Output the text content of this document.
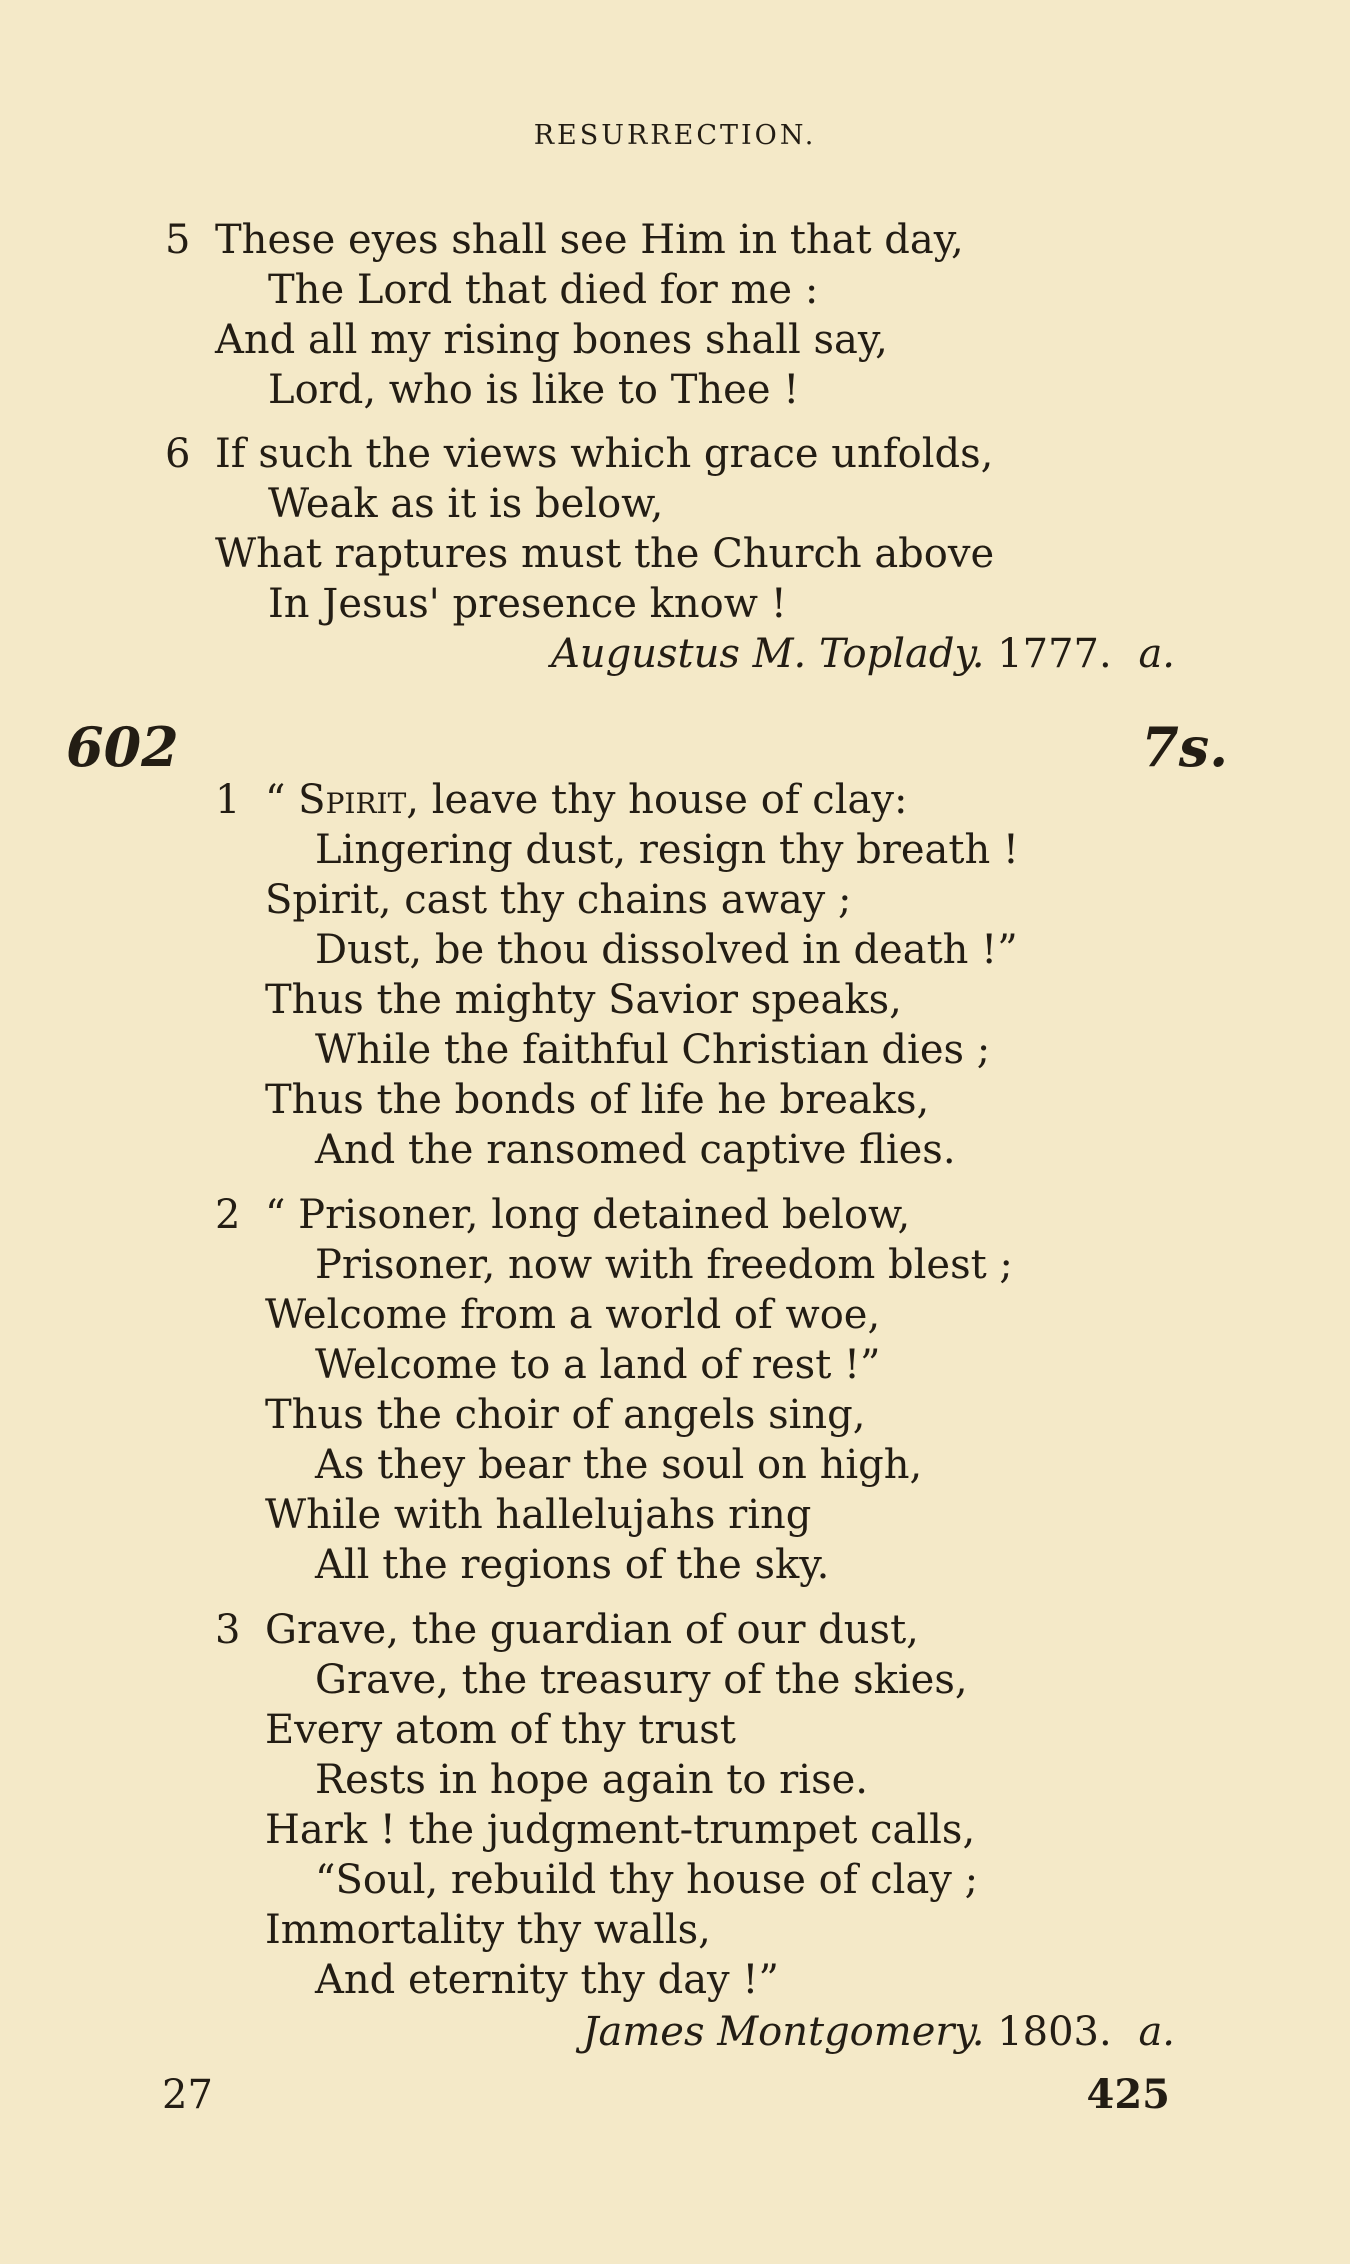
RESURRECTION.
5 These eyes shall see Him in that day,
The Lord that died for me :
And all my rising bones shall say,
Lord, who is like to Thee !
6 If such the views which grace unfolds,
Weak as it is below,
What raptures must the Church above
In Jesus' presence know !
Augustus M. Toplady. 1777. a.
602	7s.
1 “ Spirit, leave thy house of clay:
Lingering dust, resign thy breath !
Spirit, cast thy chains away ;
Dust, be thou dissolved in death !”
Thus the mighty Savior speaks,
While the faithful Christian dies ;
Thus the bonds of life he breaks,
And the ransomed captive flies.
2 “ Prisoner, long detained below,
Prisoner, now with freedom blest ;
Welcome from a world of woe,
Welcome to a land of rest !”
Thus the choir of angels sing,
As they bear the soul on high,
While with hallelujahs ring
All the regions of the sky.
3 Grave, the guardian of our dust,
Grave, the treasury of the skies,
Every atom of thy trust
Rests in hope again to rise.
Hark ! the judgment-trumpet calls,
“Soul, rebuild thy house of clay ;
Immortality thy walls,
And eternity thy day !”
James Montgomery. 1803. a.
27	425
